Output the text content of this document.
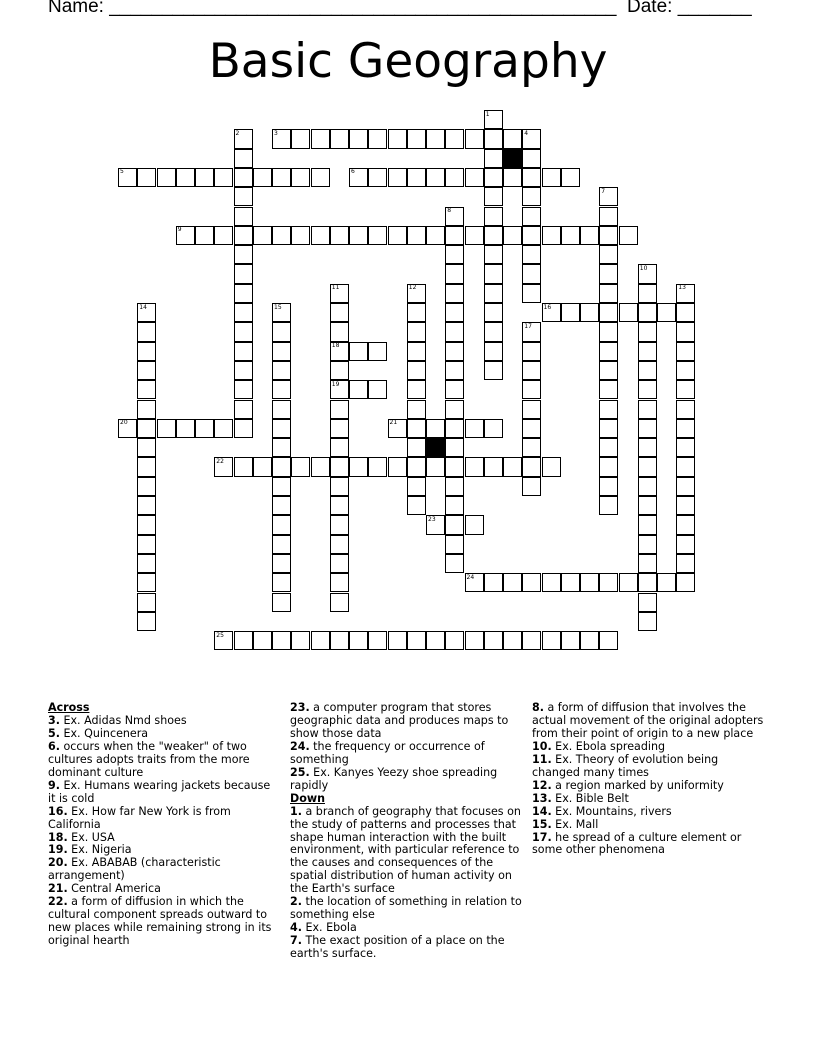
Name: ________________________________________________ Date: _______
Basic Geography
1
2	3	4
5	6
7
8
9
10
11	12	13
14	15	16
17
18
19
20	21
22
23
24
25
Across
3. Ex. Adidas Nmd shoes
5. Ex. Quincenera
6. occurs when the "weaker" of two cultures adopts traits from the more dominant culture
9. Ex. Humans wearing jackets because it is cold
16. Ex. How far New York is from California
18. Ex. USA
19. Ex. Nigeria
20. Ex. ABABAB (characteristic arrangement)
21. Central America
22. a form of diffusion in which the cultural component spreads outward to new places while remaining strong in its original hearth
23. a computer program that stores geographic data and produces maps to show those data
24. the frequency or occurrence of something
25. Ex. Kanyes Yeezy shoe spreading rapidly
Down
1. a branch of geography that focuses on the study of patterns and processes that shape human interaction with the built environment, with particular reference to the causes and consequences of the spatial distribution of human activity on the Earth's surface
2. the location of something in relation to something else
4. Ex. Ebola
7. The exact position of a place on the earth's surface.
8. a form of diffusion that involves the actual movement of the original adopters from their point of origin to a new place
10. Ex. Ebola spreading
11. Ex. Theory of evolution being changed many times
12. a region marked by uniformity
13. Ex. Bible Belt
14. Ex. Mountains, rivers
15. Ex. Mall
17. he spread of a culture element or some other phenomena
